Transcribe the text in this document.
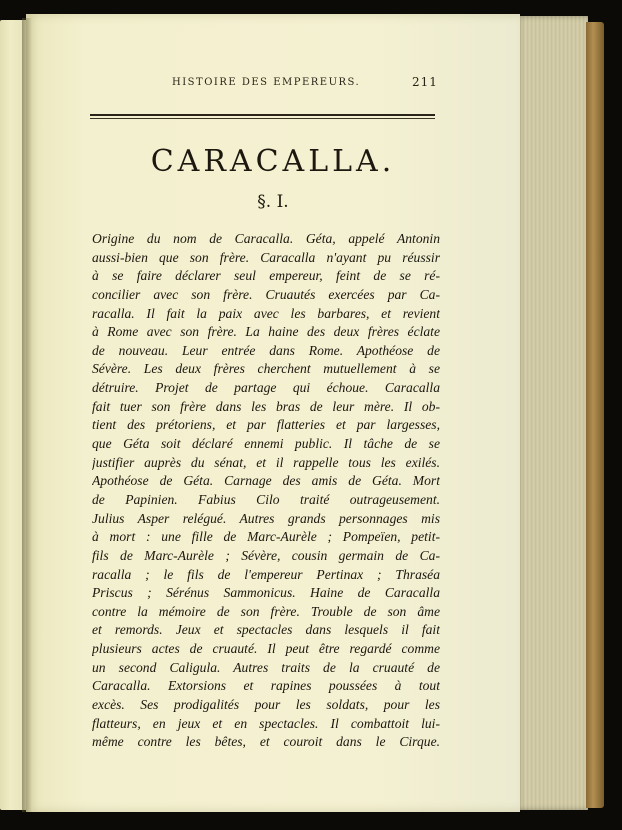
HISTOIRE DES EMPEREURS.	211
CARACALLA.
§. I.
Origine du nom de Caracalla. Géta, appelé Antonin
aussi-bien que son frère. Caracalla n'ayant pu réussir
à se faire déclarer seul empereur, feint de se ré-
concilier avec son frère. Cruautés exercées par Ca-
racalla. Il fait la paix avec les barbares, et revient
à Rome avec son frère. La haine des deux frères éclate
de nouveau. Leur entrée dans Rome. Apothéose de
Sévère. Les deux frères cherchent mutuellement à se
détruire. Projet de partage qui échoue. Caracalla
fait tuer son frère dans les bras de leur mère. Il ob-
tient des prétoriens, et par flatteries et par largesses,
que Géta soit déclaré ennemi public. Il tâche de se
justifier auprès du sénat, et il rappelle tous les exilés.
Apothéose de Géta. Carnage des amis de Géta. Mort
de Papinien. Fabius Cilo traité outrageusement.
Julius Asper relégué. Autres grands personnages mis
à mort : une fille de Marc-Aurèle ; Pompeïen, petit-
fils de Marc-Aurèle ; Sévère, cousin germain de Ca-
racalla ; le fils de l'empereur Pertinax ; Thraséa
Priscus ; Sérénus Sammonicus. Haine de Caracalla
contre la mémoire de son frère. Trouble de son âme
et remords. Jeux et spectacles dans lesquels il fait
plusieurs actes de cruauté. Il peut être regardé comme
un second Caligula. Autres traits de la cruauté de
Caracalla. Extorsions et rapines poussées à tout
excès. Ses prodigalités pour les soldats, pour les
flatteurs, en jeux et en spectacles. Il combattoit lui-
même contre les bêtes, et couroit dans le Cirque.
